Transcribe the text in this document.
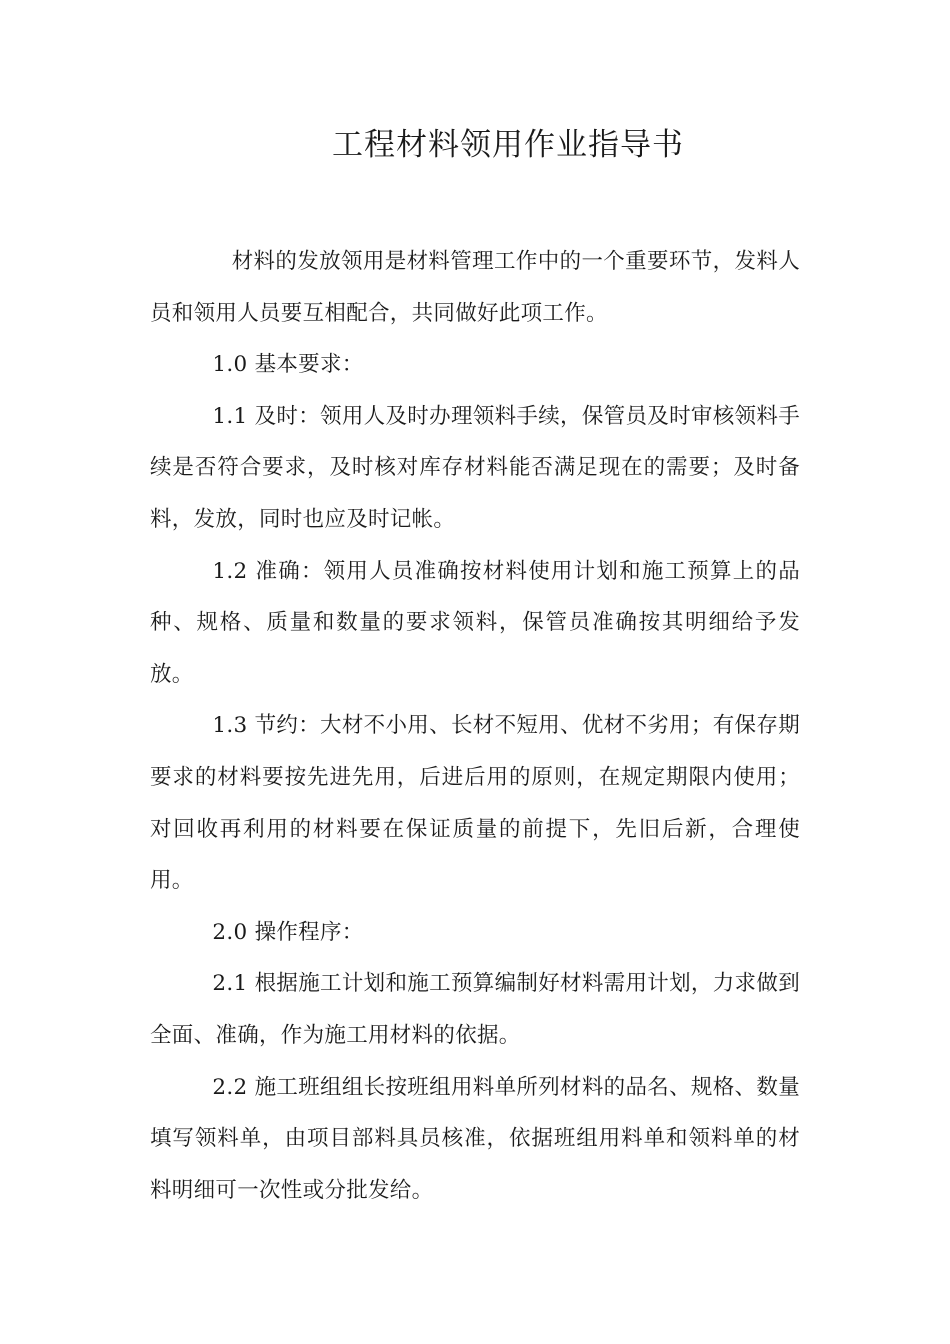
工程材料领用作业指导书

材料的发放领用是材料管理工作中的一个重要环节，发料人员和领用人员要互相配合，共同做好此项工作。

1.0 基本要求：

1.1 及时：领用人及时办理领料手续，保管员及时审核领料手续是否符合要求，及时核对库存材料能否满足现在的需要；及时备料，发放，同时也应及时记帐。

1.2 准确：领用人员准确按材料使用计划和施工预算上的品种、规格、质量和数量的要求领料，保管员准确按其明细给予发放。

1.3 节约：大材不小用、长材不短用、优材不劣用；有保存期要求的材料要按先进先用，后进后用的原则，在规定期限内使用；对回收再利用的材料要在保证质量的前提下，先旧后新，合理使用。

2.0 操作程序：

2.1 根据施工计划和施工预算编制好材料需用计划，力求做到全面、准确，作为施工用材料的依据。

2.2 施工班组组长按班组用料单所列材料的品名、规格、数量填写领料单，由项目部料具员核准，依据班组用料单和领料单的材料明细可一次性或分批发给。
